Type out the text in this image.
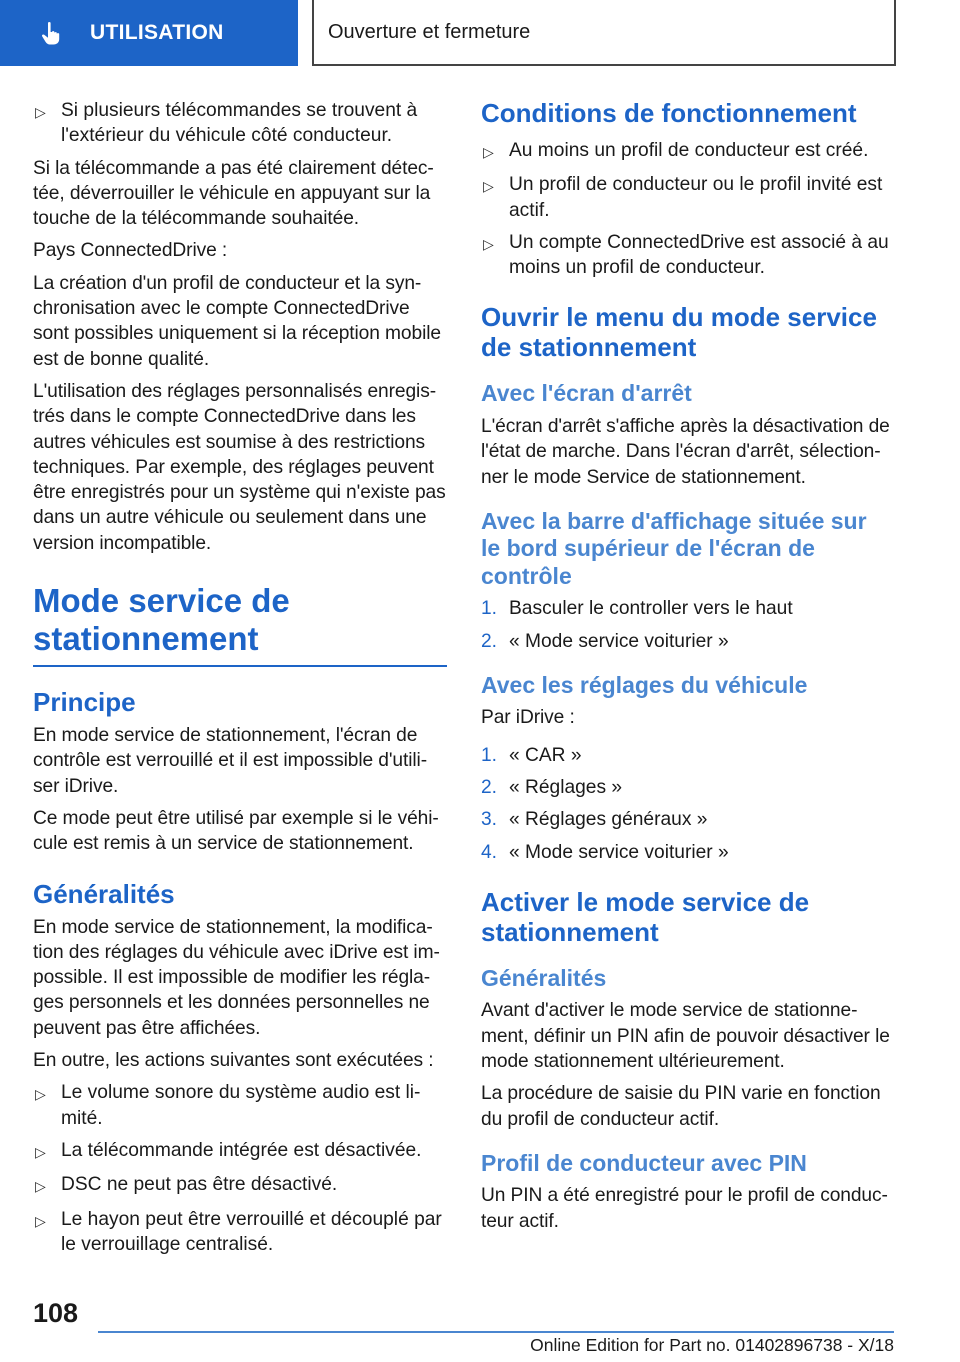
UTILISATION	Ouverture et fermeture
▷ Si plusieurs télécommandes se trouvent à l'extérieur du véhicule côté conducteur.

Si la télécommande a pas été clairement détec-tée, déverrouiller le véhicule en appuyant sur la touche de la télécommande souhaitée.

Pays ConnectedDrive :

La création d'un profil de conducteur et la syn-chronisation avec le compte ConnectedDrive sont possibles uniquement si la réception mobile est de bonne qualité.

L'utilisation des réglages personnalisés enregis-trés dans le compte ConnectedDrive dans les autres véhicules est soumise à des restrictions techniques. Par exemple, des réglages peuvent être enregistrés pour un système qui n'existe pas dans un autre véhicule ou seulement dans une version incompatible.

Mode service de stationnement
Principe

En mode service de stationnement, l'écran de contrôle est verrouillé et il est impossible d'utili-ser iDrive.

Ce mode peut être utilisé par exemple si le véhi-cule est remis à un service de stationnement.

Généralités

En mode service de stationnement, la modifica-tion des réglages du véhicule avec iDrive est im-possible. Il est impossible de modifier les régla-ges personnels et les données personnelles ne peuvent pas être affichées.

En outre, les actions suivantes sont exécutées :

▷ Le volume sonore du système audio est li-mité.
▷ La télécommande intégrée est désactivée.
▷ DSC ne peut pas être désactivé.
▷ Le hayon peut être verrouillé et découplé par le verrouillage centralisé.
Conditions de fonctionnement
▷ Au moins un profil de conducteur est créé.
▷ Un profil de conducteur ou le profil invité est actif.
▷ Un compte ConnectedDrive est associé à au moins un profil de conducteur.
Ouvrir le menu du mode service de stationnement
Avec l'écran d'arrêt

L'écran d'arrêt s'affiche après la désactivation de l'état de marche. Dans l'écran d'arrêt, sélection-ner le mode Service de stationnement.

Avec la barre d'affichage située sur le bord supérieur de l'écran de contrôle
1. Basculer le controller vers le haut
2. « Mode service voiturier »
Avec les réglages du véhicule

Par iDrive :

1. « CAR »
2. « Réglages »
3. « Réglages généraux »
4. « Mode service voiturier »
Activer le mode service de stationnement
Généralités

Avant d'activer le mode service de stationne-ment, définir un PIN afin de pouvoir désactiver le mode stationnement ultérieurement.

La procédure de saisie du PIN varie en fonction du profil de conducteur actif.

Profil de conducteur avec PIN

Un PIN a été enregistré pour le profil de conduc-teur actif.

108
Online Edition for Part no. 01402896738 - X/18
